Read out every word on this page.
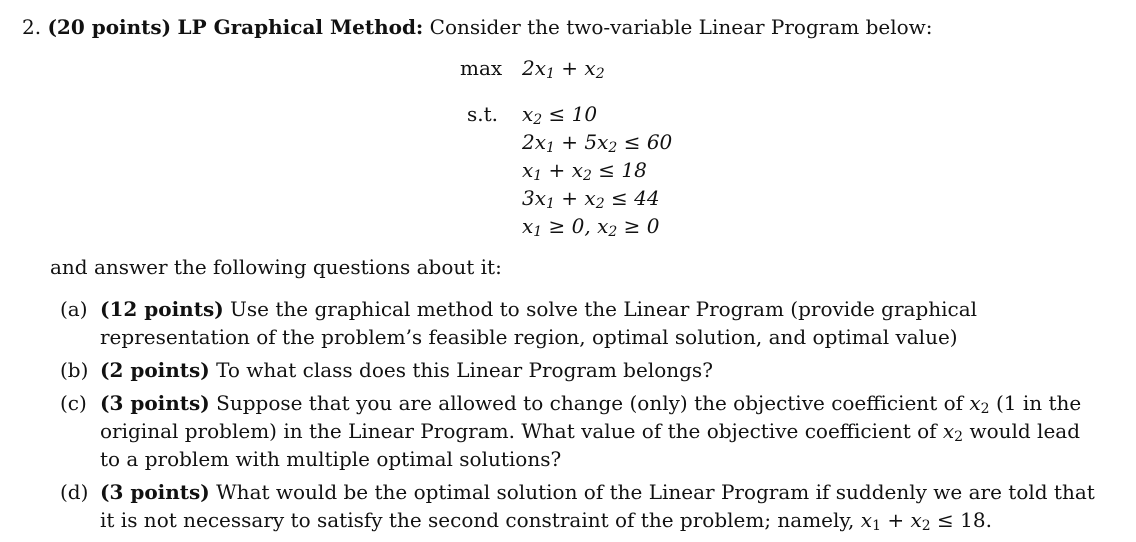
2. (20 points) LP Graphical Method: Consider the two-variable Linear Program below:
$\max 2x_1 + x_2$
s.t. $x_2 \le 10$
$2x_1 + 5x_2 \le 60$
$x_1 + x_2 \le 18$
$3x_1 + x_2 \le 44$
$x_1 \ge 0$, $x_2 \ge 0$
and answer the following questions about it:
(a) (12 points) Use the graphical method to solve the Linear Program (provide graphical representation of the problem’s feasible region, optimal solution, and optimal value)
(b) (2 points) To what class does this Linear Program belongs?
(c) (3 points) Suppose that you are allowed to change (only) the objective coefficient of $x_2$ (1 in the original problem) in the Linear Program. What value of the objective coefficient of $x_2$ would lead to a problem with multiple optimal solutions?
(d) (3 points) What would be the optimal solution of the Linear Program if suddenly we are told that it is not necessary to satisfy the second constraint of the problem; namely, $x_1 + x_2 \le 18$.
